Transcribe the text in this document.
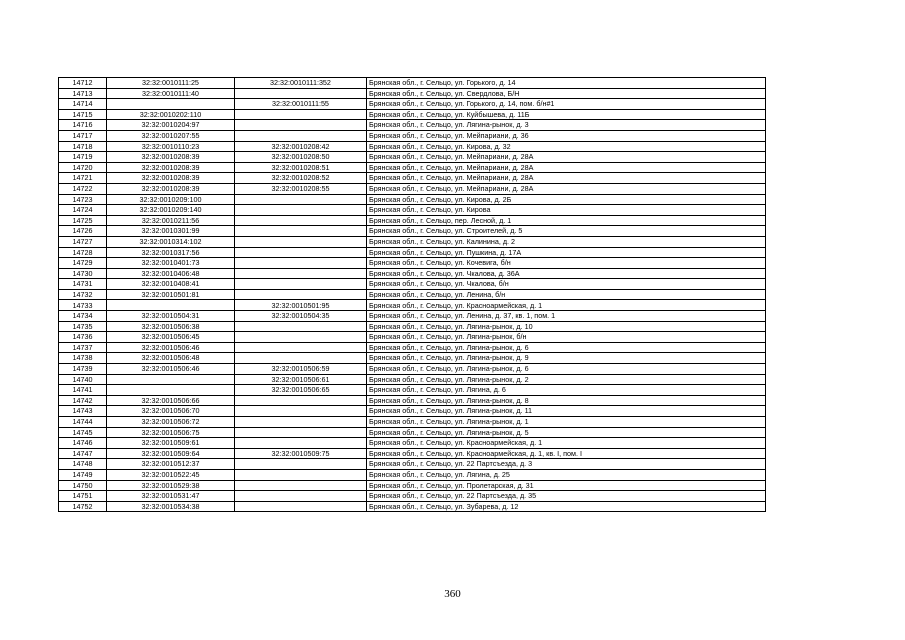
14712	32:32:0010111:25	32:32:0010111:352	Брянская обл., г. Сельцо, ул. Горького, д. 14
14713	32:32:0010111:40		Брянская обл., г. Сельцо, ул. Свердлова, Б/Н
14714		32:32:0010111:55	Брянская обл., г. Сельцо, ул. Горького, д. 14, пом. б/н#1
14715	32:32:0010202:110		Брянская обл., г. Сельцо, ул. Куйбышева, д. 11Б
14716	32:32:0010204:97		Брянская обл., г. Сельцо, ул. Лягина-рынок, д. 3
14717	32:32:0010207:55		Брянская обл., г. Сельцо, ул. Мейпариани, д. 36
14718	32:32:0010110:23	32:32:0010208:42	Брянская обл., г. Сельцо, ул. Кирова, д. 32
14719	32:32:0010208:39	32:32:0010208:50	Брянская обл., г. Сельцо, ул. Мейпариани, д. 28А
14720	32:32:0010208:39	32:32:0010208:51	Брянская обл., г. Сельцо, ул. Мейпариани, д. 28А
14721	32:32:0010208:39	32:32:0010208:52	Брянская обл., г. Сельцо, ул. Мейпариани, д. 28А
14722	32:32:0010208:39	32:32:0010208:55	Брянская обл., г. Сельцо, ул. Мейпариани, д. 28А
14723	32:32:0010209:100		Брянская обл., г. Сельцо, ул. Кирова, д. 2Б
14724	32:32:0010209:140		Брянская обл., г. Сельцо, ул. Кирова
14725	32:32:0010211:56		Брянская обл., г. Сельцо, пер. Лесной, д. 1
14726	32:32:0010301:99		Брянская обл., г. Сельцо, ул. Строителей, д. 5
14727	32:32:0010314:102		Брянская обл., г. Сельцо, ул. Калинина, д. 2
14728	32:32:0010317:56		Брянская обл., г. Сельцо, ул. Пушкина, д. 17А
14729	32:32:0010401:73		Брянская обл., г. Сельцо, ул. Кочевига, б/н
14730	32:32:0010406:48		Брянская обл., г. Сельцо, ул. Чкалова, д. 36А
14731	32:32:0010408:41		Брянская обл., г. Сельцо, ул. Чкалова, б/н
14732	32:32:0010501:81		Брянская обл., г. Сельцо, ул. Ленина, б/н
14733		32:32:0010501:95	Брянская обл., г. Сельцо, ул. Красноармейская, д. 1
14734	32:32:0010504:31	32:32:0010504:35	Брянская обл., г. Сельцо, ул. Ленина, д. 37, кв. 1, пом. 1
14735	32:32:0010506:38		Брянская обл., г. Сельцо, ул. Лягина-рынок, д. 10
14736	32:32:0010506:45		Брянская обл., г. Сельцо, ул. Лягина-рынок, б/н
14737	32:32:0010506:46		Брянская обл., г. Сельцо, ул. Лягина-рынок, д. 6
14738	32:32:0010506:48		Брянская обл., г. Сельцо, ул. Лягина-рынок, д. 9
14739	32:32:0010506:46	32:32:0010506:59	Брянская обл., г. Сельцо, ул. Лягина-рынок, д. 6
14740		32:32:0010506:61	Брянская обл., г. Сельцо, ул. Лягина-рынок, д. 2
14741		32:32:0010506:65	Брянская обл., г. Сельцо, ул. Лягина, д. 6
14742	32:32:0010506:66		Брянская обл., г. Сельцо, ул. Лягина-рынок, д. 8
14743	32:32:0010506:70		Брянская обл., г. Сельцо, ул. Лягина-рынок, д. 11
14744	32:32:0010506:72		Брянская обл., г. Сельцо, ул. Лягина-рынок, д. 1
14745	32:32:0010506:75		Брянская обл., г. Сельцо, ул. Лягина-рынок, д. 5
14746	32:32:0010509:61		Брянская обл., г. Сельцо, ул. Красноармейская, д. 1
14747	32:32:0010509:64	32:32:0010509:75	Брянская обл., г. Сельцо, ул. Красноармейская, д. 1, кв. I, пом. I
14748	32:32:0010512:37		Брянская обл., г. Сельцо, ул. 22 Партсъезда, д. 3
14749	32:32:0010522:45		Брянская обл., г. Сельцо, ул. Лягина, д. 25
14750	32:32:0010529:38		Брянская обл., г. Сельцо, ул. Пролетарская, д. 31
14751	32:32:0010531:47		Брянская обл., г. Сельцо, ул. 22 Партсъезда, д. 35
14752	32:32:0010534:38		Брянская обл., г. Сельцо, ул. Зубарева, д. 12
360
